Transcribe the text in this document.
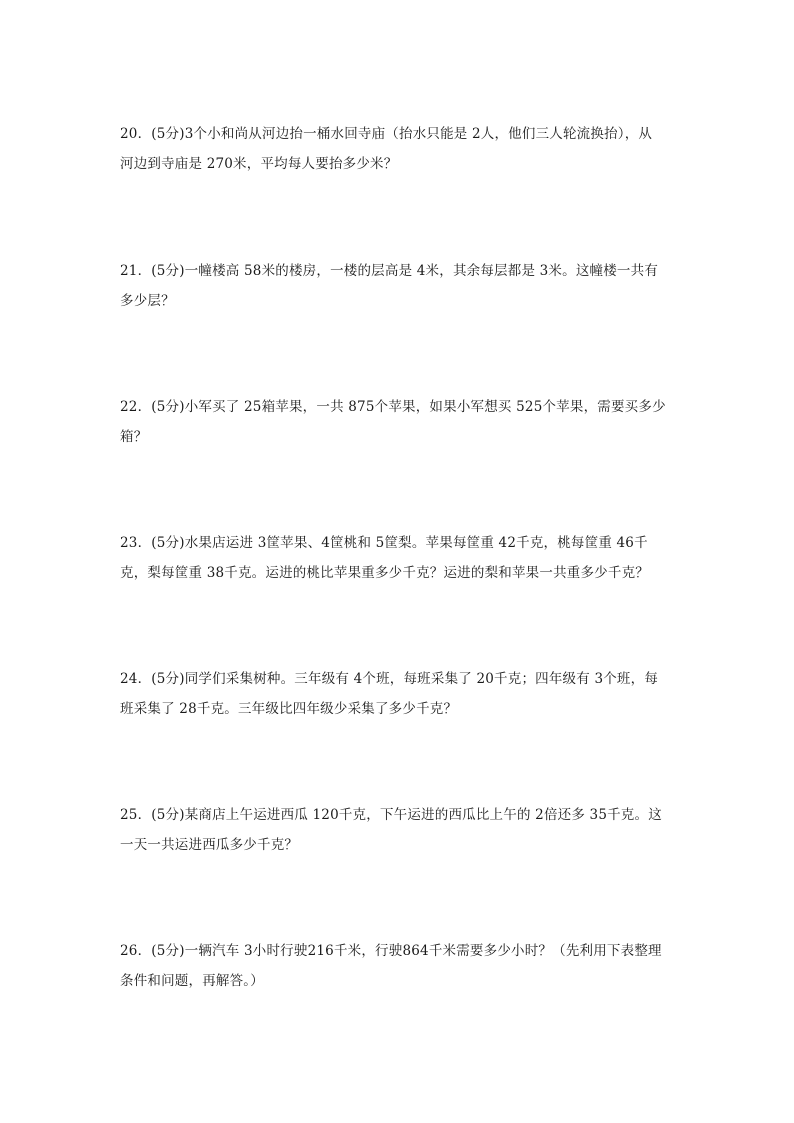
20．(5分)3个小和尚从河边抬一桶水回寺庙（抬水只能是 2人，他们三人轮流换抬），从
河边到寺庙是 270米，平均每人要抬多少米？
21．(5分)一幢楼高 58米的楼房，一楼的层高是 4米，其余每层都是 3米。这幢楼一共有
多少层？
22．(5分)小军买了 25箱苹果，一共 875个苹果，如果小军想买 525个苹果，需要买多少
箱？
23．(5分)水果店运进 3筐苹果、4筐桃和 5筐梨。苹果每筐重 42千克，桃每筐重 46千
克，梨每筐重 38千克。运进的桃比苹果重多少千克？运进的梨和苹果一共重多少千克？
24．(5分)同学们采集树种。三年级有 4个班，每班采集了 20千克；四年级有 3个班，每
班采集了 28千克。三年级比四年级少采集了多少千克？
25．(5分)某商店上午运进西瓜 120千克，下午运进的西瓜比上午的 2倍还多 35千克。这
一天一共运进西瓜多少千克？
26．(5分)一辆汽车 3小时行驶216千米，行驶864千米需要多少小时？（先利用下表整理
条件和问题，再解答。）
